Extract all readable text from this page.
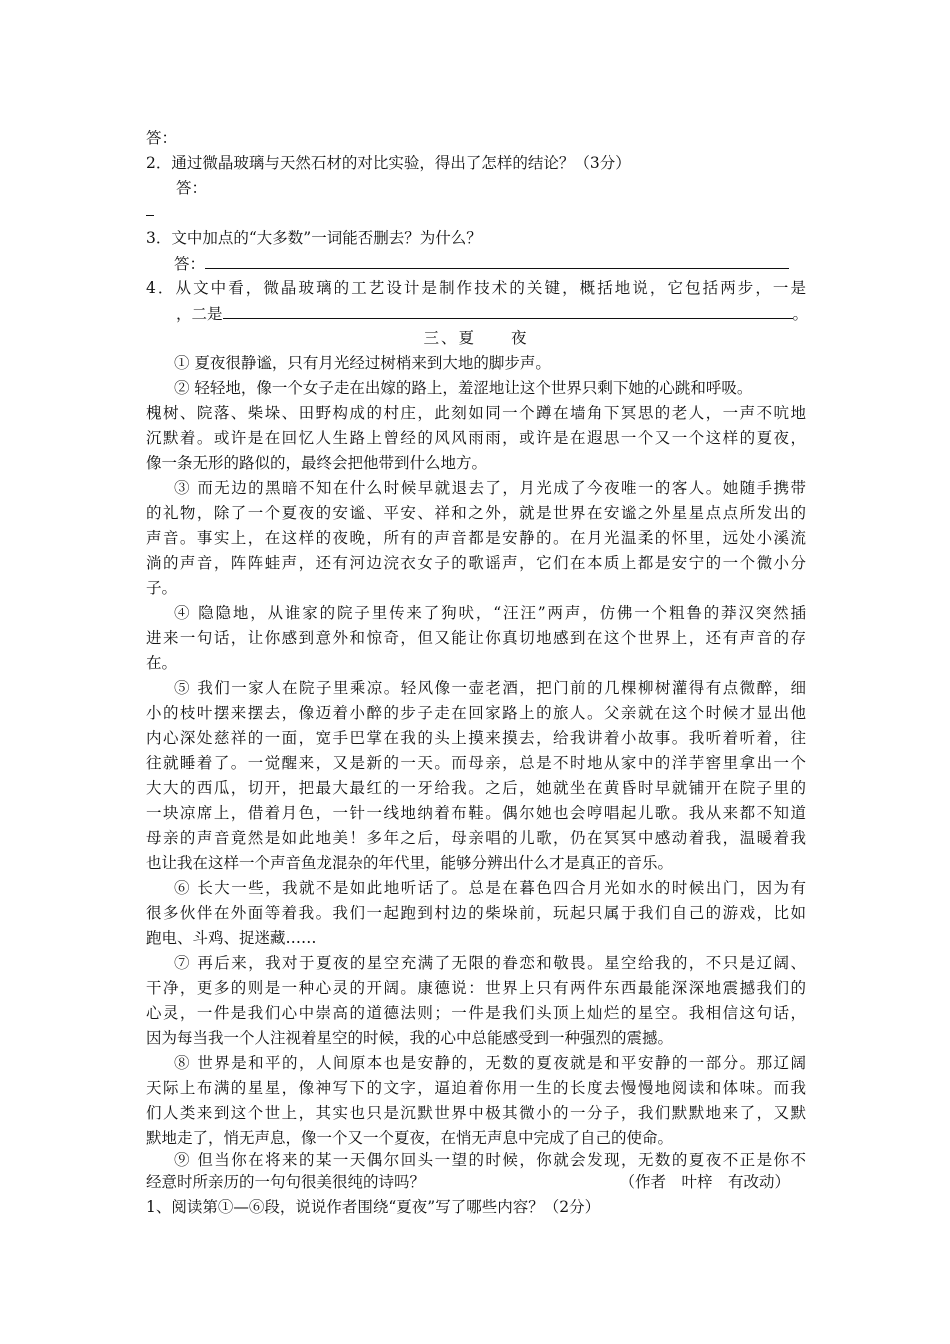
答：
2．通过微晶玻璃与天然石材的对比实验，得出了怎样的结论？（3分）
答：
3．文中加点的“大多数”一词能否删去？为什么？
答：
4．从文中看，微晶玻璃的工艺设计是制作技术的关键，概括地说，它包括两步，一是
，二是	。
三、夏　　夜
① 夏夜很静谧，只有月光经过树梢来到大地的脚步声。
② 轻轻地，像一个女子走在出嫁的路上，羞涩地让这个世界只剩下她的心跳和呼吸。
槐树、院落、柴垛、田野构成的村庄，此刻如同一个蹲在墙角下冥思的老人，一声不吭地
沉默着。或许是在回忆人生路上曾经的风风雨雨，或许是在遐思一个又一个这样的夏夜，
像一条无形的路似的，最终会把他带到什么地方。
③ 而无边的黑暗不知在什么时候早就退去了，月光成了今夜唯一的客人。她随手携带
的礼物，除了一个夏夜的安谧、平安、祥和之外，就是世界在安谧之外星星点点所发出的
声音。事实上，在这样的夜晚，所有的声音都是安静的。在月光温柔的怀里，远处小溪流
淌的声音，阵阵蛙声，还有河边浣衣女子的歌谣声，它们在本质上都是安宁的一个微小分
子。
④ 隐隐地，从谁家的院子里传来了狗吠，“汪汪”两声，仿佛一个粗鲁的莽汉突然插
进来一句话，让你感到意外和惊奇，但又能让你真切地感到在这个世界上，还有声音的存
在。
⑤ 我们一家人在院子里乘凉。轻风像一壶老酒，把门前的几棵柳树灌得有点微醉，细
小的枝叶摆来摆去，像迈着小醉的步子走在回家路上的旅人。父亲就在这个时候才显出他
内心深处慈祥的一面，宽手巴掌在我的头上摸来摸去，给我讲着小故事。我听着听着，往
往就睡着了。一觉醒来，又是新的一天。而母亲，总是不时地从家中的洋芋窖里拿出一个
大大的西瓜，切开，把最大最红的一牙给我。之后，她就坐在黄昏时早就铺开在院子里的
一块凉席上，借着月色，一针一线地纳着布鞋。偶尔她也会哼唱起儿歌。我从来都不知道
母亲的声音竟然是如此地美！多年之后，母亲唱的儿歌，仍在冥冥中感动着我，温暖着我
也让我在这样一个声音鱼龙混杂的年代里，能够分辨出什么才是真正的音乐。
⑥ 长大一些，我就不是如此地听话了。总是在暮色四合月光如水的时候出门，因为有
很多伙伴在外面等着我。我们一起跑到村边的柴垛前，玩起只属于我们自己的游戏，比如
跑电、斗鸡、捉迷藏……
⑦ 再后来，我对于夏夜的星空充满了无限的眷恋和敬畏。星空给我的，不只是辽阔、
干净，更多的则是一种心灵的开阔。康德说：世界上只有两件东西最能深深地震撼我们的
心灵，一件是我们心中崇高的道德法则；一件是我们头顶上灿烂的星空。我相信这句话，
因为每当我一个人注视着星空的时候，我的心中总能感受到一种强烈的震撼。
⑧ 世界是和平的，人间原本也是安静的，无数的夏夜就是和平安静的一部分。那辽阔
天际上布满的星星，像神写下的文字，逼迫着你用一生的长度去慢慢地阅读和体味。而我
们人类来到这个世上，其实也只是沉默世界中极其微小的一分子，我们默默地来了，又默
默地走了，悄无声息，像一个又一个夏夜，在悄无声息中完成了自己的使命。
⑨ 但当你在将来的某一天偶尔回头一望的时候，你就会发现，无数的夏夜不正是你不
经意时所亲历的一句句很美很纯的诗吗？	（作者　叶梓　有改动）
1、阅读第①—⑥段，说说作者围绕“夏夜”写了哪些内容？（2分）
